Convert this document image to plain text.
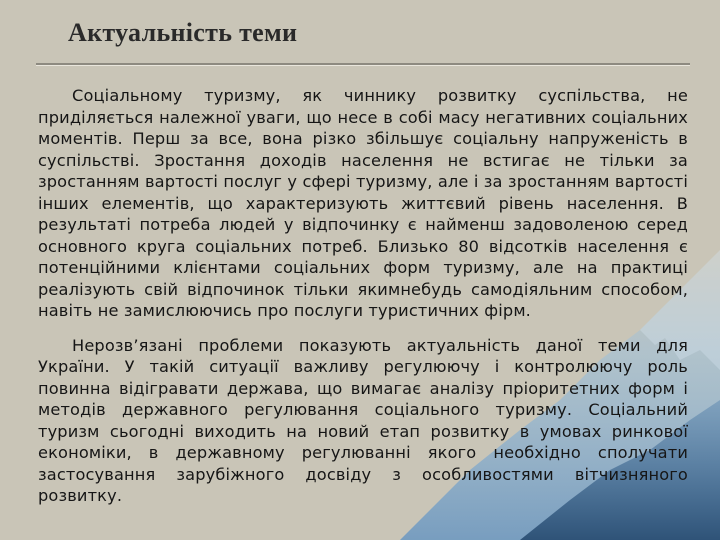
Актуальність теми

Соціальному туризму, як чиннику розвитку суспільства, не приділяється належної уваги, що несе в собі масу негативних соціальних моментів. Перш за все, вона різко збільшує соціальну напруженість в суспільстві. Зростання доходів населення не встигає не тільки за зростанням вартості послуг у сфері туризму, але і за зростанням вартості інших елементів, що характеризують життєвий рівень населення. В результаті потреба людей у відпочинку є найменш задоволеною серед основного круга соціальних потреб. Близько 80 відсотків населення є потенційними клієнтами соціальних форм туризму, але на практиці реалізують свій відпочинок тільки якимнебудь самодіяльним способом, навіть не замислюючись про послуги туристичних фірм.

Нерозв’язані проблеми показують актуальність даної теми для України. У такій ситуації важливу регулюючу і контролюючу роль повинна відігравати держава, що вимагає аналізу пріоритетних форм і методів державного регулювання соціального туризму. Соціальний туризм сьогодні виходить на новий етап розвитку в умовах ринкової економіки, в державному регулюванні якого необхідно сполучати застосування зарубіжного досвіду з особливостями вітчизняного розвитку.
